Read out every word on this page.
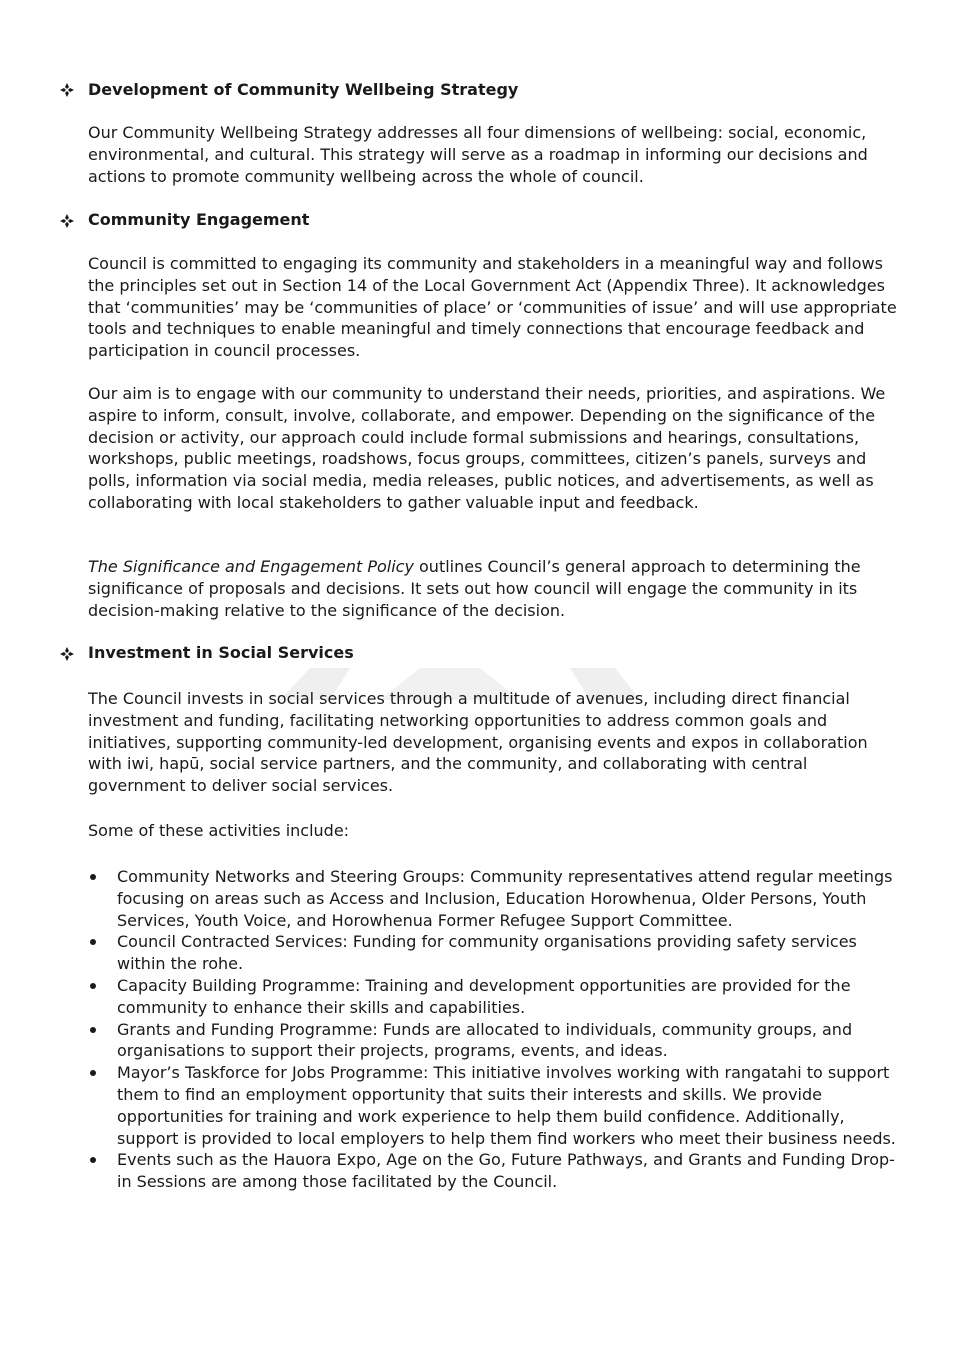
Development of Community Wellbeing Strategy

Our Community Wellbeing Strategy addresses all four dimensions of wellbeing: social, economic, environmental, and cultural. This strategy will serve as a roadmap in informing our decisions and actions to promote community wellbeing across the whole of council.

Community Engagement

Council is committed to engaging its community and stakeholders in a meaningful way and follows the principles set out in Section 14 of the Local Government Act (Appendix Three). It acknowledges that ‘communities’ may be ‘communities of place’ or ‘communities of issue’ and will use appropriate tools and techniques to enable meaningful and timely connections that encourage feedback and participation in council processes.

Our aim is to engage with our community to understand their needs, priorities, and aspirations. We aspire to inform, consult, involve, collaborate, and empower. Depending on the significance of the decision or activity, our approach could include formal submissions and hearings, consultations, workshops, public meetings, roadshows, focus groups, committees, citizen’s panels, surveys and polls, information via social media, media releases, public notices, and advertisements, as well as collaborating with local stakeholders to gather valuable input and feedback.

The Significance and Engagement Policy outlines Council’s general approach to determining the significance of proposals and decisions. It sets out how council will engage the community in its decision-making relative to the significance of the decision.

Investment in Social Services

The Council invests in social services through a multitude of avenues, including direct financial investment and funding, facilitating networking opportunities to address common goals and initiatives, supporting community-led development, organising events and expos in collaboration with iwi, hapū, social service partners, and the community, and collaborating with central government to deliver social services.

Some of these activities include:

Community Networks and Steering Groups: Community representatives attend regular meetings focusing on areas such as Access and Inclusion, Education Horowhenua, Older Persons, Youth Services, Youth Voice, and Horowhenua Former Refugee Support Committee.
Council Contracted Services: Funding for community organisations providing safety services within the rohe.
Capacity Building Programme: Training and development opportunities are provided for the community to enhance their skills and capabilities.
Grants and Funding Programme: Funds are allocated to individuals, community groups, and organisations to support their projects, programs, events, and ideas.
Mayor’s Taskforce for Jobs Programme: This initiative involves working with rangatahi to support them to find an employment opportunity that suits their interests and skills. We provide opportunities for training and work experience to help them build confidence. Additionally, support is provided to local employers to help them find workers who meet their business needs.
Events such as the Hauora Expo, Age on the Go, Future Pathways, and Grants and Funding Drop-in Sessions are among those facilitated by the Council.
